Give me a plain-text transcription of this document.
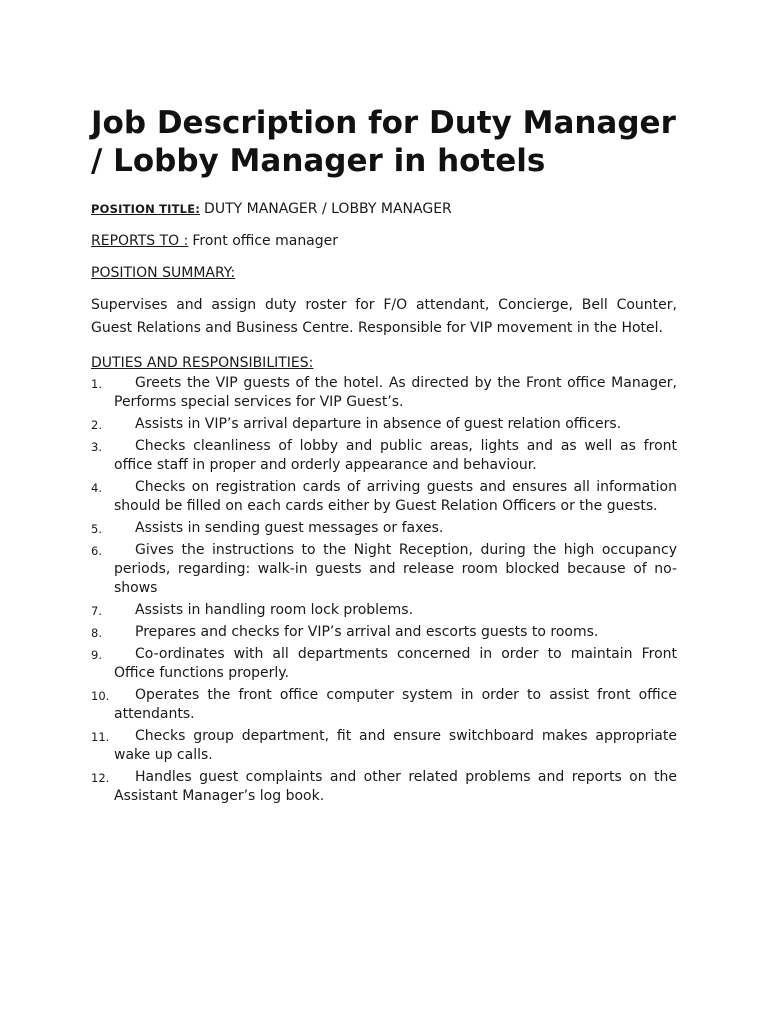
Job Description for Duty Manager / Lobby Manager in hotels
POSITION TITLE: DUTY MANAGER / LOBBY MANAGER
REPORTS TO : Front office manager
POSITION SUMMARY:

Supervises and assign duty roster for F/O attendant, Concierge, Bell Counter, Guest Relations and Business Centre. Responsible for VIP movement in the Hotel.

DUTIES AND RESPONSIBILITIES:
1.	Greets the VIP guests of the hotel. As directed by the Front office Manager, Performs special services for VIP Guest’s.
2.	Assists in VIP’s arrival departure in absence of guest relation officers.
3.	Checks cleanliness of lobby and public areas, lights and as well as front office staff in proper and orderly appearance and behaviour.
4.	Checks on registration cards of arriving guests and ensures all information should be filled on each cards either by Guest Relation Officers or the guests.
5.	Assists in sending guest messages or faxes.
6.	Gives the instructions to the Night Reception, during the high occupancy periods, regarding: walk-in guests and release room blocked because of no- shows
7.	Assists in handling room lock problems.
8.	Prepares and checks for VIP’s arrival and escorts guests to rooms.
9.	Co-ordinates with all departments concerned in order to maintain Front Office functions properly.
10.	Operates the front office computer system in order to assist front office attendants.
11.	Checks group department, fit and ensure switchboard makes appropriate wake up calls.
12.	Handles guest complaints and other related problems and reports on the Assistant Manager’s log book.
